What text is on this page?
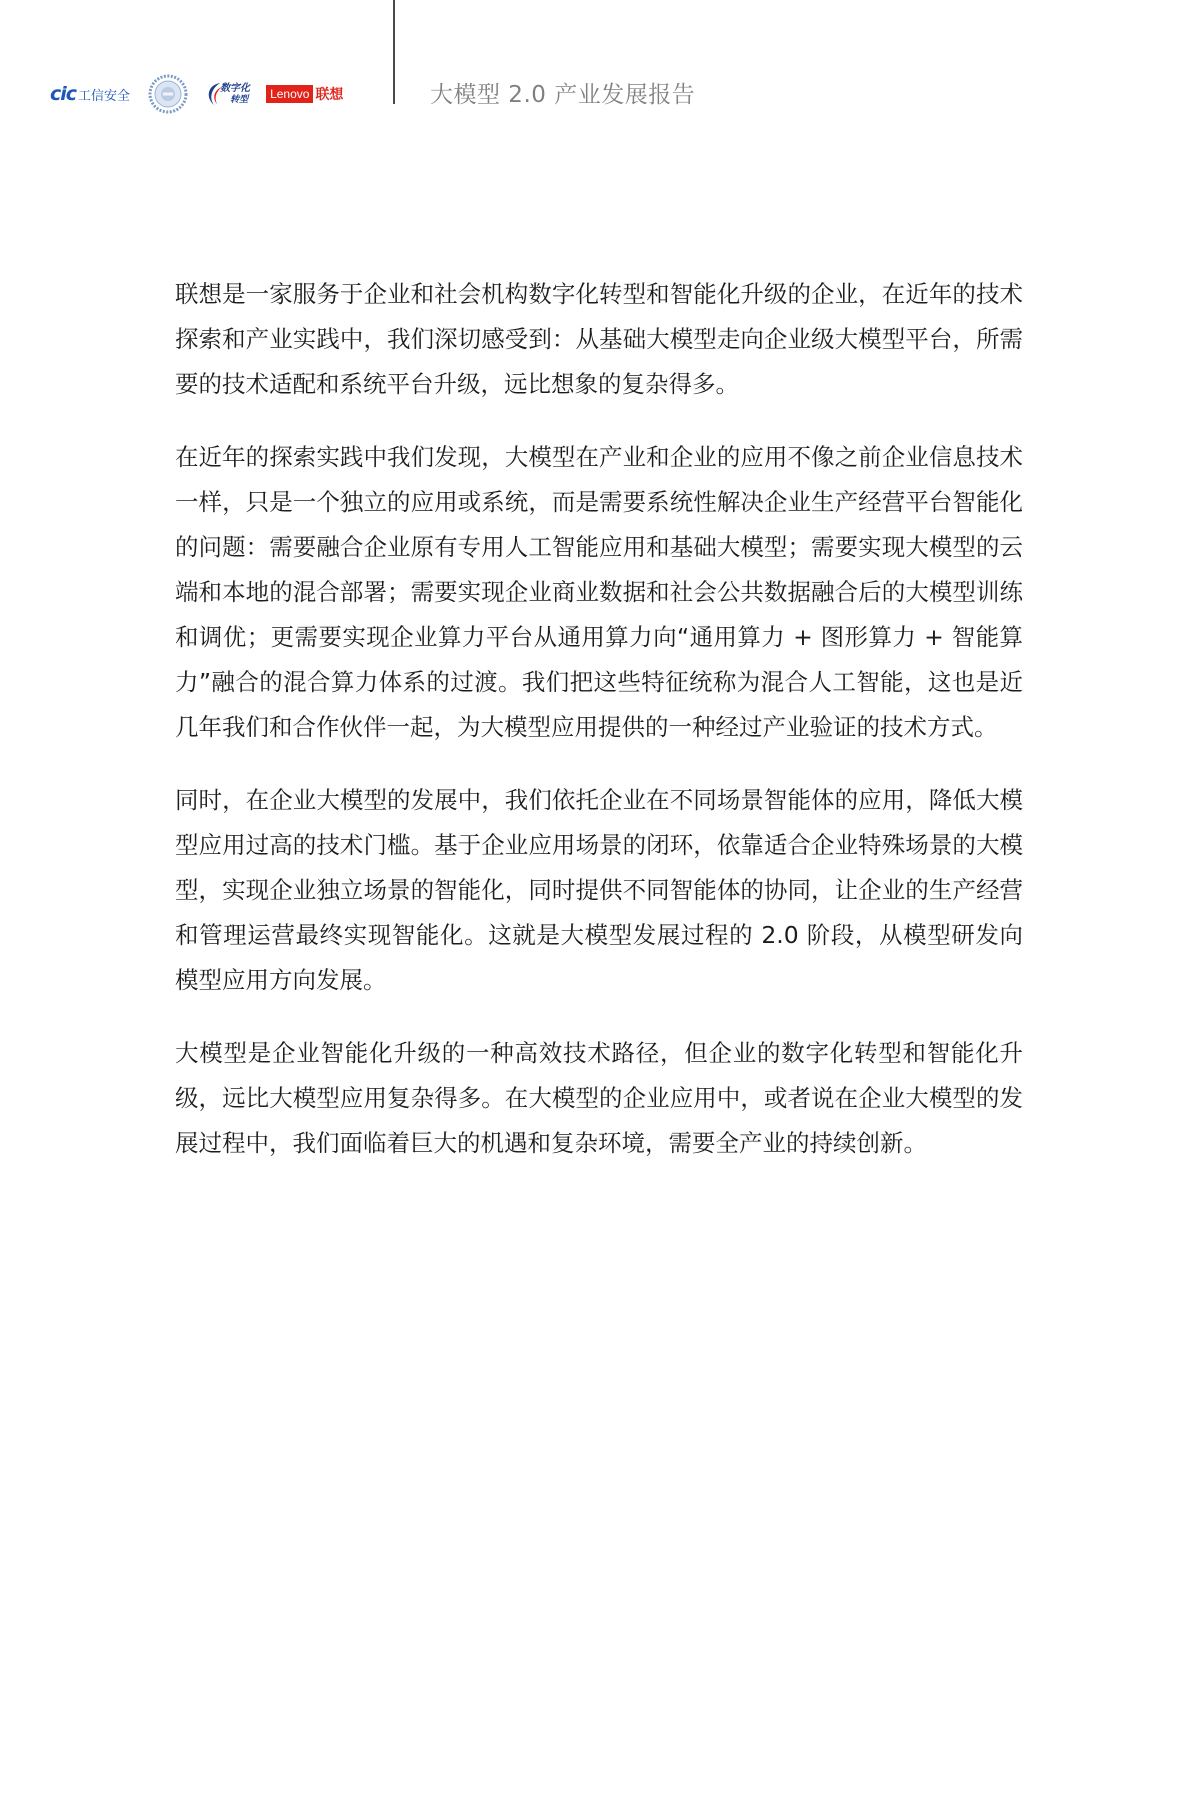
cic 工信安全
数字化
转型	Lenovo 联想	大模型 2.0 产业发展报告

联想是一家服务于企业和社会机构数字化转型和智能化升级的企业，在近年的技术探索和产业实践中，我们深切感受到：从基础大模型走向企业级大模型平台，所需要的技术适配和系统平台升级，远比想象的复杂得多。

在近年的探索实践中我们发现，大模型在产业和企业的应用不像之前企业信息技术一样，只是一个独立的应用或系统，而是需要系统性解决企业生产经营平台智能化的问题：需要融合企业原有专用人工智能应用和基础大模型；需要实现大模型的云端和本地的混合部署；需要实现企业商业数据和社会公共数据融合后的大模型训练和调优；更需要实现企业算力平台从通用算力向“通用算力 + 图形算力 + 智能算力”融合的混合算力体系的过渡。我们把这些特征统称为混合人工智能，这也是近几年我们和合作伙伴一起，为大模型应用提供的一种经过产业验证的技术方式。

同时，在企业大模型的发展中，我们依托企业在不同场景智能体的应用，降低大模型应用过高的技术门槛。基于企业应用场景的闭环，依靠适合企业特殊场景的大模型，实现企业独立场景的智能化，同时提供不同智能体的协同，让企业的生产经营和管理运营最终实现智能化。这就是大模型发展过程的 2.0 阶段，从模型研发向模型应用方向发展。

大模型是企业智能化升级的一种高效技术路径，但企业的数字化转型和智能化升级，远比大模型应用复杂得多。在大模型的企业应用中，或者说在企业大模型的发展过程中，我们面临着巨大的机遇和复杂环境，需要全产业的持续创新。
